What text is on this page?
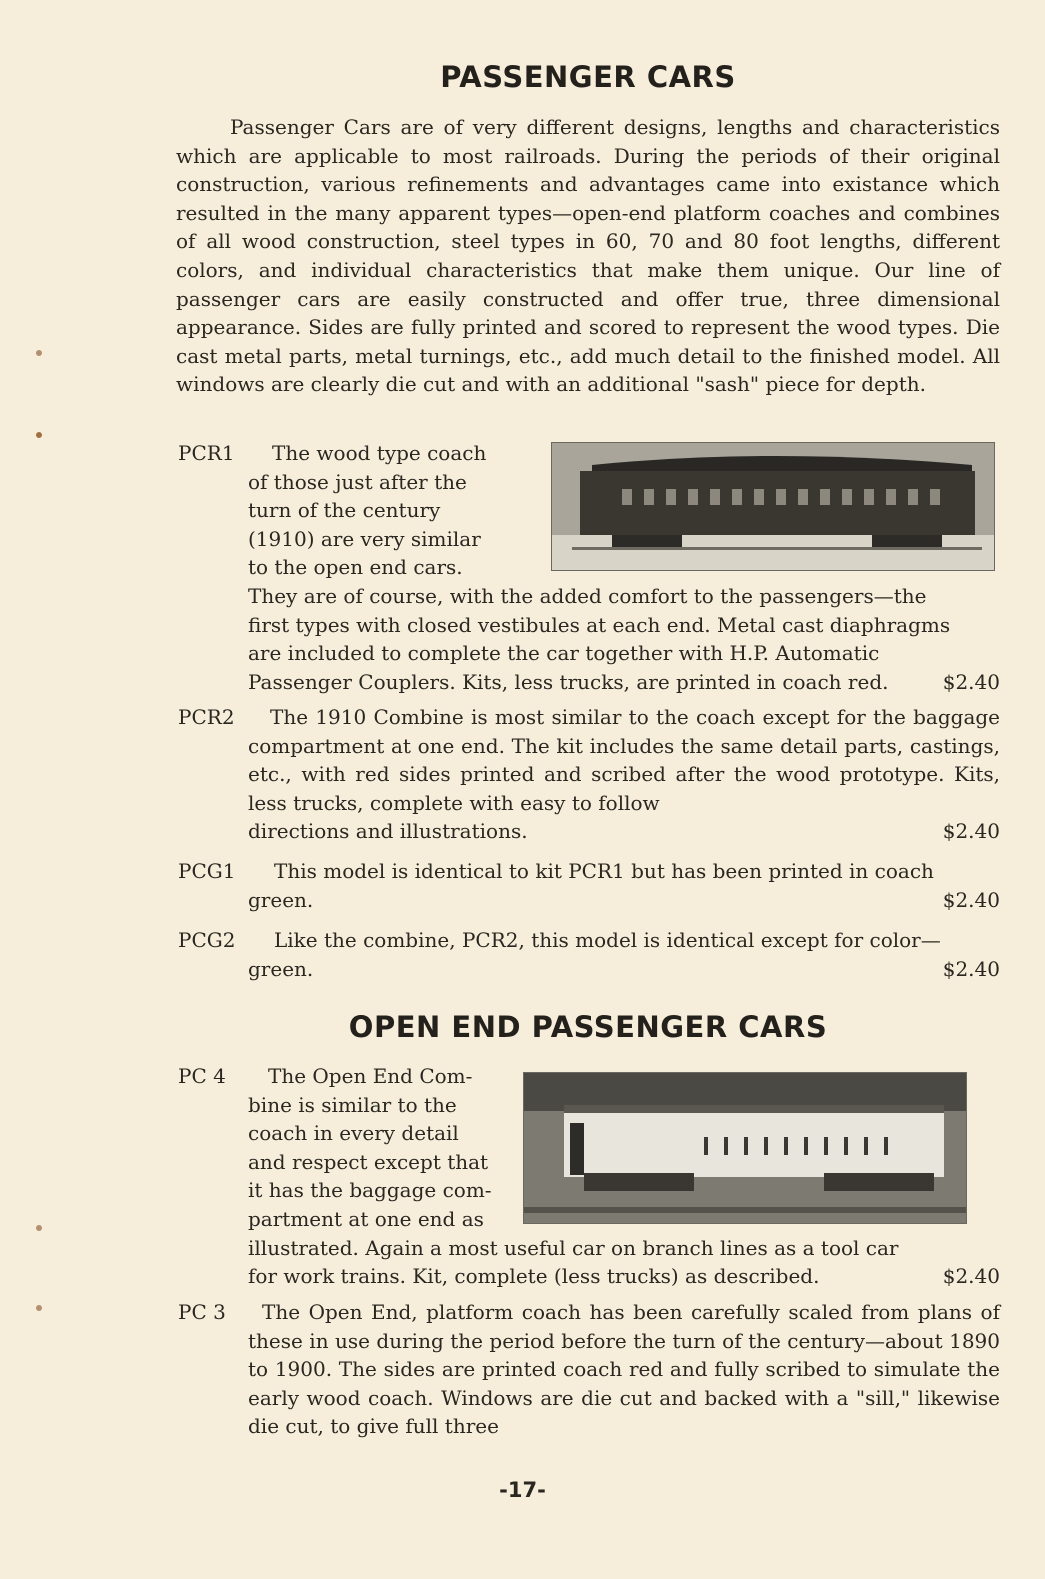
PASSENGER CARS

Passenger Cars are of very different designs, lengths and characteristics which are applicable to most railroads. During the periods of their original construction, various refinements and advantages came into existance which resulted in the many apparent types—open-end platform coaches and combines of all wood construction, steel types in 60, 70 and 80 foot lengths, different colors, and individual characteristics that make them unique. Our line of passenger cars are easily constructed and offer true, three dimensional appearance. Sides are fully printed and scored to represent the wood types. Die cast metal parts, metal turnings, etc., add much detail to the finished model. All windows are clearly die cut and with an additional "sash" piece for depth.

PCR1	The wood type coach
of those just after the
turn of the century
(1910) are very similar
to the open end cars.
They are of course, with the added comfort to the passengers—the
first types with closed vestibules at each end. Metal cast diaphragms
are included to complete the car together with H.P. Automatic
Passenger Couplers. Kits, less trucks, are printed in coach red.	$2.40
PCR2	The 1910 Combine is most similar to the coach except for the baggage compartment at one end. The kit includes the same detail parts, castings, etc., with red sides printed and scribed after the wood prototype. Kits, less trucks, complete with easy to follow
directions and illustrations.	$2.40
PCG1	This model is identical to kit PCR1 but has been printed in coach
green.	$2.40
PCG2	Like the combine, PCR2, this model is identical except for color—
green.	$2.40
OPEN END PASSENGER CARS
PC 4	The Open End Com-
bine is similar to the
coach in every detail
and respect except that
it has the baggage com-
partment at one end as
illustrated. Again a most useful car on branch lines as a tool car
for work trains. Kit, complete (less trucks) as described.	$2.40
PC 3	The Open End, platform coach has been carefully scaled from plans of these in use during the period before the turn of the century—about 1890 to 1900. The sides are printed coach red and fully scribed to simulate the early wood coach. Windows are die cut and backed with a "sill," likewise die cut, to give full three
-17-
